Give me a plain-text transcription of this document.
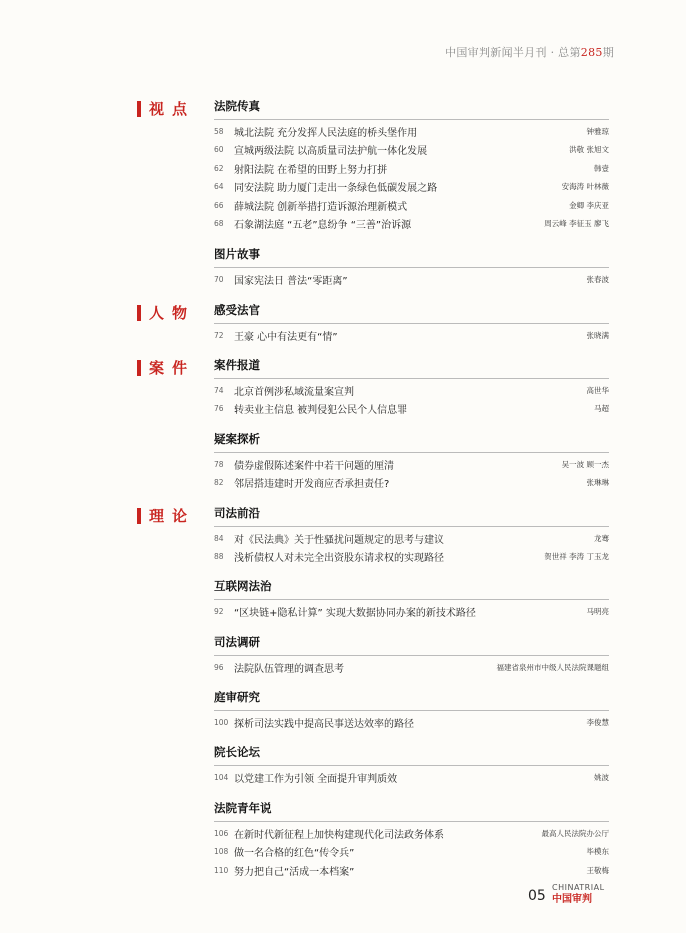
中国审判新闻半月刊 · 总第285期
视点
人物
案件
理论
法院传真
58	城北法院 充分发挥人民法庭的桥头堡作用	钟雅琼
60	宣城两级法院 以高质量司法护航一体化发展	洪敬 张旭文
62	射阳法院 在希望的田野上努力打拼	韩壹
64	同安法院 助力厦门走出一条绿色低碳发展之路	安海涛 叶林薇
66	薛城法院 创新举措打造诉源治理新模式	金卿 李庆亚
68	石象湖法庭 “五老”息纷争 “三善”治诉源	周云峰 李征玉 廖飞
图片故事
70	国家宪法日 普法“零距离”	张春波
感受法官
72	王豪 心中有法更有“情”	张晓满
案件报道
74	北京首例涉私域流量案宣判	高世华
76	转卖业主信息 被判侵犯公民个人信息罪	马超
疑案探析
78	债券虚假陈述案件中若干问题的厘清	吴一波 顾一杰
82	邻居搭违建时开发商应否承担责任?	张琳琳
司法前沿
84	对《民法典》关于性骚扰问题规定的思考与建议	龙骞
88	浅析债权人对未完全出资股东请求权的实现路径	贺世祥 李涛 丁玉龙
互联网法治
92	“区块链+隐私计算” 实现大数据协同办案的新技术路径	马明亮
司法调研
96	法院队伍管理的调查思考	福建省泉州市中级人民法院课题组
庭审研究
100 探析司法实践中提高民事送达效率的路径	李俊慧
院长论坛
104 以党建工作为引领 全面提升审判质效	姚波
法院青年说
106 在新时代新征程上加快构建现代化司法政务体系	最高人民法院办公厅
108 做一名合格的红色“传令兵”	毕模东
110 努力把自己“活成一本档案”	王敬梅
05
CHINATRIAL
中国审判
